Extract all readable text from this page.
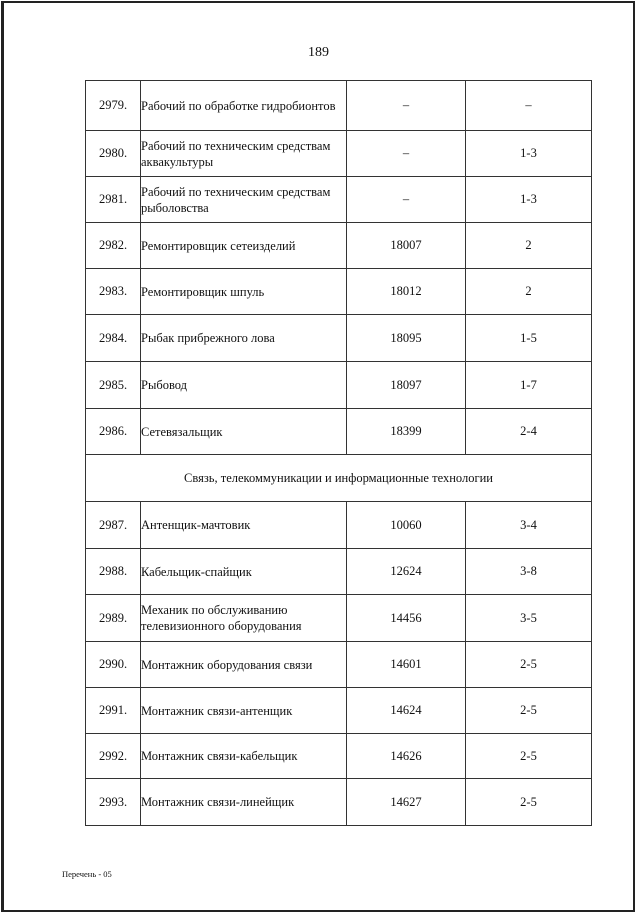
189
2979.	Рабочий по обработке гидробионтов	–	–
2980.	Рабочий по техническим средствам аквакультуры	–	1-3
2981.	Рабочий по техническим средствам рыболовства	–	1-3
2982.	Ремонтировщик сетеизделий	18007	2
2983.	Ремонтировщик шпуль	18012	2
2984.	Рыбак прибрежного лова	18095	1-5
2985.	Рыбовод	18097	1-7
2986.	Сетевязальщик	18399	2-4
Связь, телекоммуникации и информационные технологии			
2987.	Антенщик-мачтовик	10060	3-4
2988.	Кабельщик-спайщик	12624	3-8
2989.	Механик по обслуживанию телевизионного оборудования	14456	3-5
2990.	Монтажник оборудования связи	14601	2-5
2991.	Монтажник связи-антенщик	14624	2-5
2992.	Монтажник связи-кабельщик	14626	2-5
2993.	Монтажник связи-линейщик	14627	2-5
Перечень - 05
